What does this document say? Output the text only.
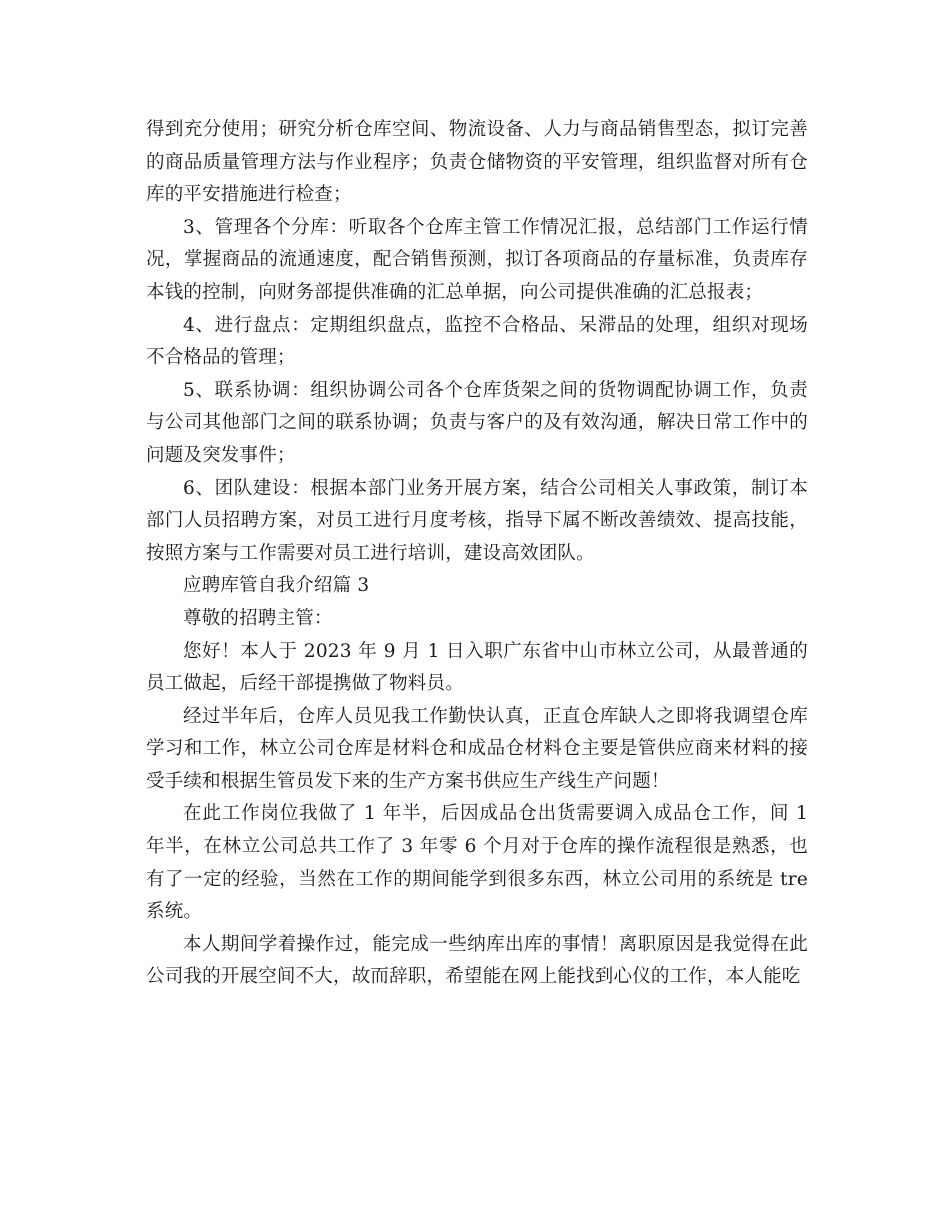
得到充分使用；研究分析仓库空间、物流设备、人力与商品销售型态，拟订完善的商品质量管理方法与作业程序；负责仓储物资的平安管理，组织监督对所有仓库的平安措施进行检查；

3、管理各个分库：听取各个仓库主管工作情况汇报，总结部门工作运行情况，掌握商品的流通速度，配合销售预测，拟订各项商品的存量标准，负责库存本钱的控制，向财务部提供准确的汇总单据，向公司提供准确的汇总报表；

4、进行盘点：定期组织盘点，监控不合格品、呆滞品的处理，组织对现场不合格品的管理；

5、联系协调：组织协调公司各个仓库货架之间的货物调配协调工作，负责与公司其他部门之间的联系协调；负责与客户的及有效沟通，解决日常工作中的问题及突发事件；

6、团队建设：根据本部门业务开展方案，结合公司相关人事政策，制订本部门人员招聘方案，对员工进行月度考核，指导下属不断改善绩效、提高技能，按照方案与工作需要对员工进行培训，建设高效团队。

应聘库管自我介绍篇 3

尊敬的招聘主管：

您好！本人于 2023 年 9 月 1 日入职广东省中山市林立公司，从最普通的员工做起，后经干部提携做了物料员。

经过半年后，仓库人员见我工作勤快认真，正直仓库缺人之即将我调望仓库学习和工作，林立公司仓库是材料仓和成品仓材料仓主要是管供应商来材料的接受手续和根据生管员发下来的生产方案书供应生产线生产问题！

在此工作岗位我做了 1 年半，后因成品仓出货需要调入成品仓工作，间 1 年半，在林立公司总共工作了 3 年零 6 个月对于仓库的操作流程很是熟悉，也有了一定的经验，当然在工作的期间能学到很多东西，林立公司用的系统是 tre 系统。

本人期间学着操作过，能完成一些纳库出库的事情！离职原因是我觉得在此公司我的开展空间不大，故而辞职，希望能在网上能找到心仪的工作，本人能吃
